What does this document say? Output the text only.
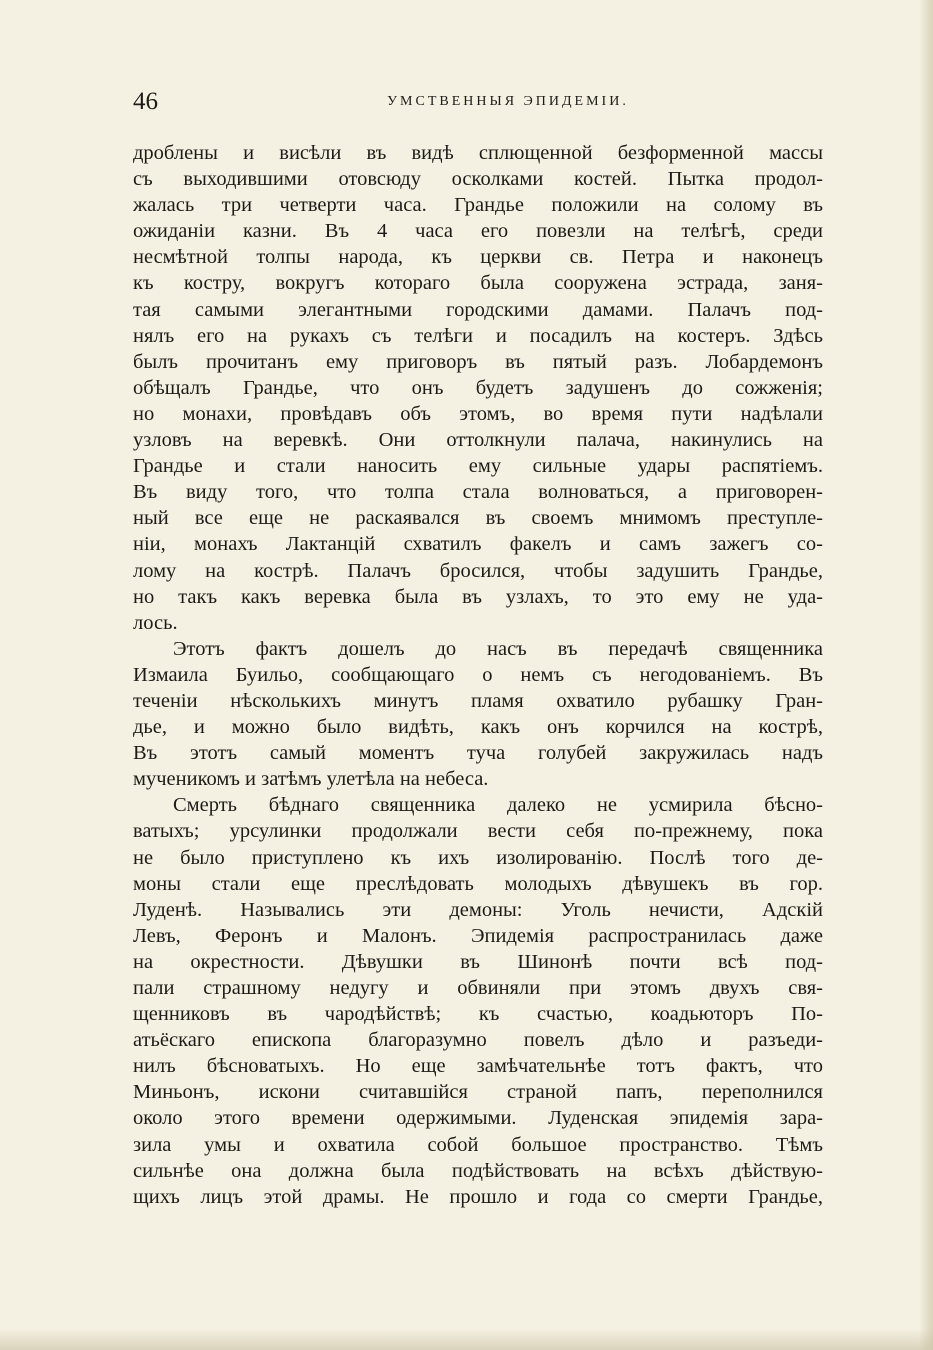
46	УМСТВЕННЫЯ ЭПИДЕМІИ.
дроблены и висѣли въ видѣ сплющенной безформенной массы
съ выходившими отовсюду осколками костей. Пытка продол-
жалась три четверти часа. Грандье положили на солому въ
ожиданіи казни. Въ 4 часа его повезли на телѣгѣ, среди
несмѣтной толпы народа, къ церкви св. Петра и наконецъ
къ костру, вокругъ котораго была сооружена эстрада, заня-
тая самыми элегантными городскими дамами. Палачъ под-
нялъ его на рукахъ съ телѣги и посадилъ на костеръ. Здѣсь
былъ прочитанъ ему приговоръ въ пятый разъ. Лобардемонъ
обѣщалъ Грандье, что онъ будетъ задушенъ до сожженія;
но монахи, провѣдавъ объ этомъ, во время пути надѣлали
узловъ на веревкѣ. Они оттолкнули палача, накинулись на
Грандье и стали наносить ему сильные удары распятіемъ.
Въ виду того, что толпа стала волноваться, а приговорен-
ный все еще не раскаявался въ своемъ мнимомъ преступле-
ніи, монахъ Лактанцій схватилъ факелъ и самъ зажегъ со-
лому на кострѣ. Палачъ бросился, чтобы задушить Грандье,
но такъ какъ веревка была въ узлахъ, то это ему не уда-
лось.
Этотъ фактъ дошелъ до насъ въ передачѣ священника
Измаила Буильо, сообщающаго о немъ съ негодованіемъ. Въ
теченіи нѣсколькихъ минутъ пламя охватило рубашку Гран-
дье, и можно было видѣть, какъ онъ корчился на кострѣ,
Въ этотъ самый моментъ туча голубей закружилась надъ
мученикомъ и затѣмъ улетѣла на небеса.
Смерть бѣднаго священника далеко не усмирила бѣсно-
ватыхъ; урсулинки продолжали вести себя по-прежнему, пока
не было приступлено къ ихъ изолированію. Послѣ того де-
моны стали еще преслѣдовать молодыхъ дѣвушекъ въ гор.
Луденѣ. Назывались эти демоны: Уголь нечисти, Адскій
Левъ, Феронъ и Малонъ. Эпидемія распространилась даже
на окрестности. Дѣвушки въ Шинонѣ почти всѣ под-
пали страшному недугу и обвиняли при этомъ двухъ свя-
щенниковъ въ чародѣйствѣ; къ счастью, коадьюторъ По-
атьёскаго епископа благоразумно повелъ дѣло и разъеди-
нилъ бѣсноватыхъ. Но еще замѣчательнѣе тотъ фактъ, что
Миньонъ, искони считавшійся страной папъ, переполнился
около этого времени одержимыми. Луденская эпидемія зара-
зила умы и охватила собой большое пространство. Тѣмъ
сильнѣе она должна была подѣйствовать на всѣхъ дѣйствую-
щихъ лицъ этой драмы. Не прошло и года со смерти Грандье,
